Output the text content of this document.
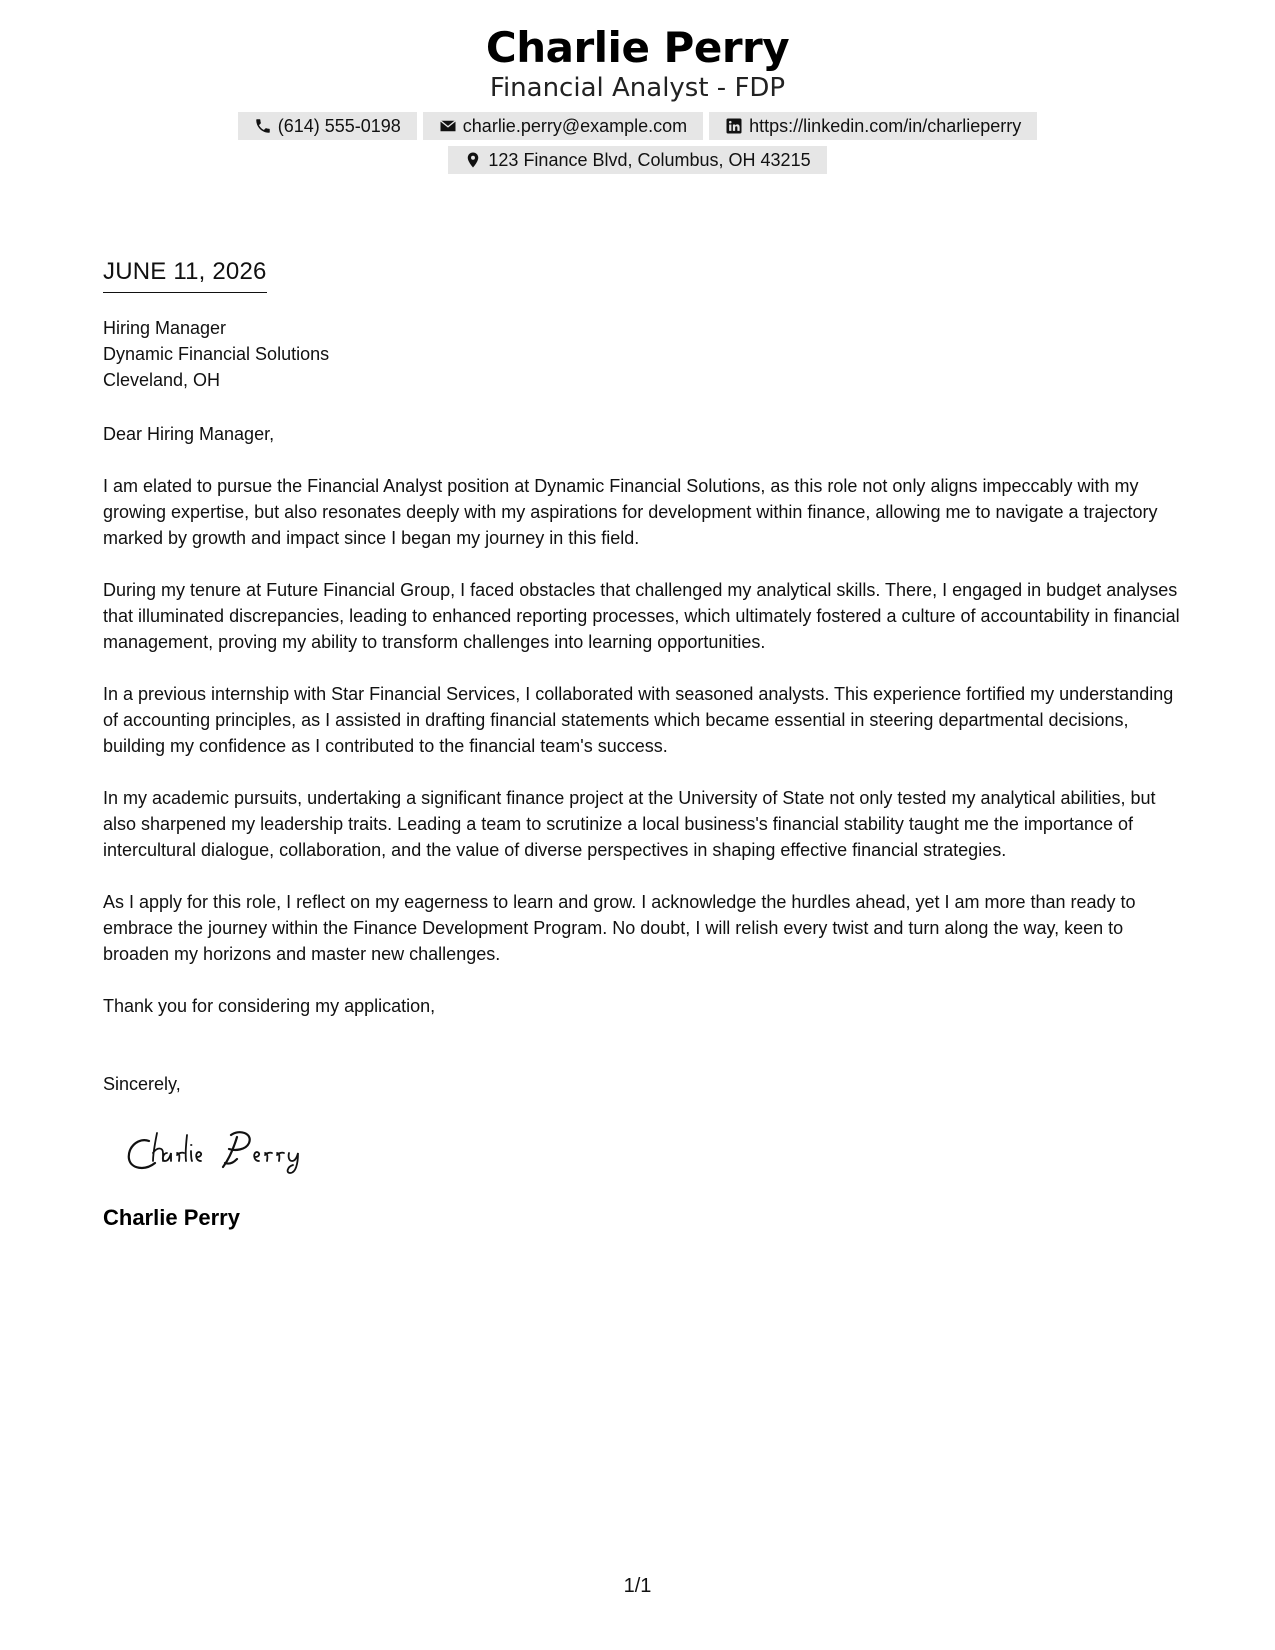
Charlie Perry
Financial Analyst - FDP
(614) 555-0198	charlie.perry@example.com	https://linkedin.com/in/charlieperry
123 Finance Blvd, Columbus, OH 43215
JUNE 11, 2026
Hiring Manager
Dynamic Financial Solutions
Cleveland, OH
Dear Hiring Manager,
I am elated to pursue the Financial Analyst position at Dynamic Financial Solutions, as this role not only aligns impeccably with my growing expertise, but also resonates deeply with my aspirations for development within finance, allowing me to navigate a trajectory marked by growth and impact since I began my journey in this field.
During my tenure at Future Financial Group, I faced obstacles that challenged my analytical skills. There, I engaged in budget analyses that illuminated discrepancies, leading to enhanced reporting processes, which ultimately fostered a culture of accountability in financial management, proving my ability to transform challenges into learning opportunities.
In a previous internship with Star Financial Services, I collaborated with seasoned analysts. This experience fortified my understanding of accounting principles, as I assisted in drafting financial statements which became essential in steering departmental decisions, building my confidence as I contributed to the financial team's success.
In my academic pursuits, undertaking a significant finance project at the University of State not only tested my analytical abilities, but also sharpened my leadership traits. Leading a team to scrutinize a local business's financial stability taught me the importance of intercultural dialogue, collaboration, and the value of diverse perspectives in shaping effective financial strategies.
As I apply for this role, I reflect on my eagerness to learn and grow. I acknowledge the hurdles ahead, yet I am more than ready to embrace the journey within the Finance Development Program. No doubt, I will relish every twist and turn along the way, keen to broaden my horizons and master new challenges.
Thank you for considering my application,
Sincerely,
Charlie Perry
1/1
